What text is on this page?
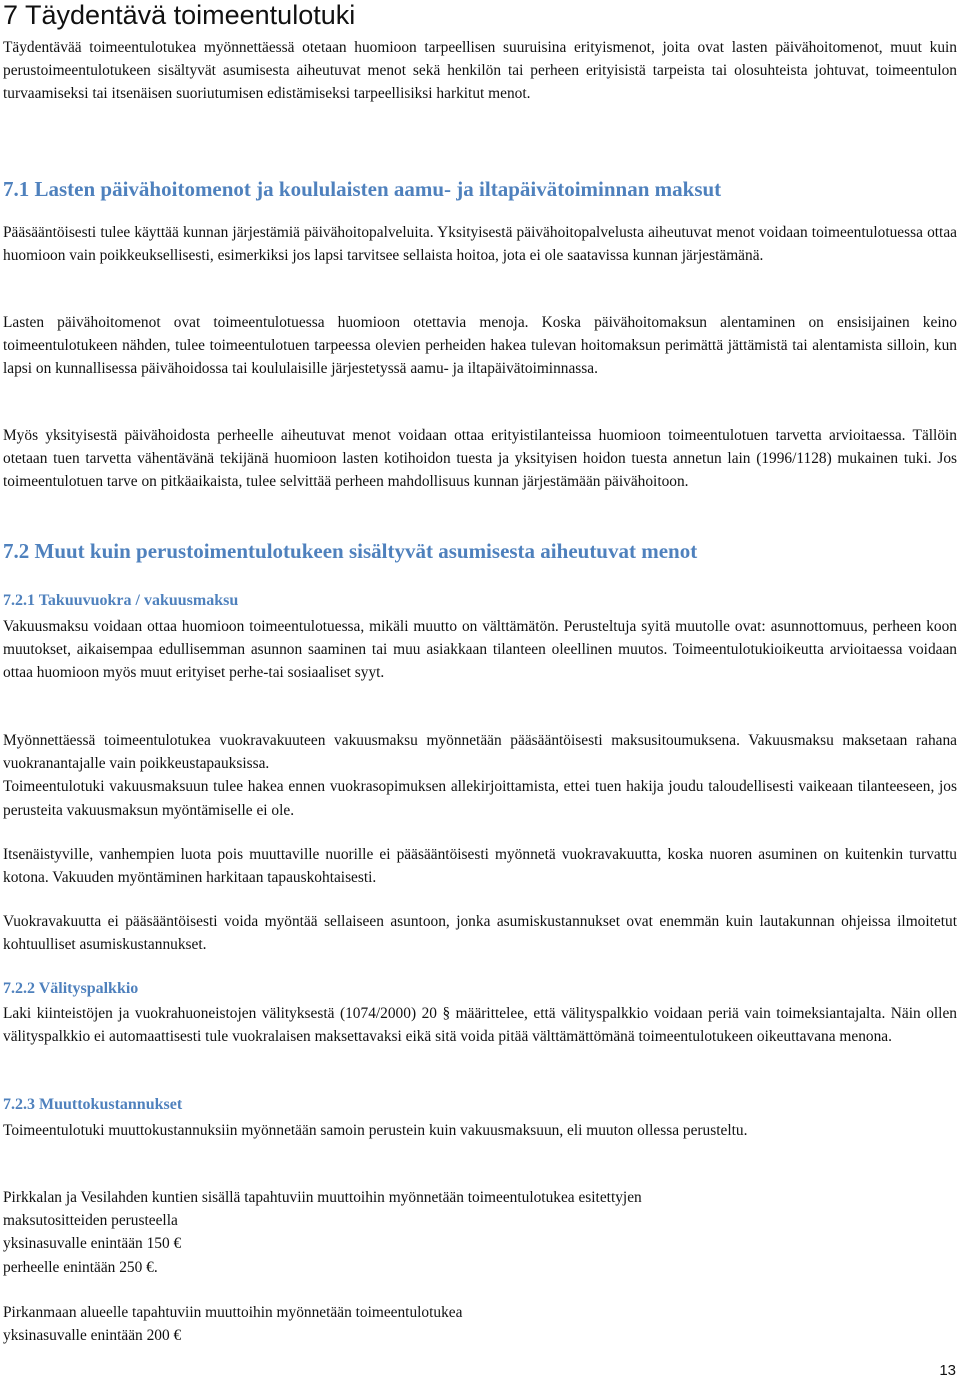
7 Täydentävä toimeentulotuki

Täydentävää toimeentulotukea myönnettäessä otetaan huomioon tarpeellisen suuruisina erityismenot, joita ovat lasten päivähoitomenot, muut kuin perustoimeentulotukeen sisältyvät asumisesta aiheutuvat menot sekä henkilön tai perheen erityisistä tarpeista tai olosuhteista johtuvat, toimeentulon turvaamiseksi tai itsenäisen suoriutumisen edistämiseksi tarpeellisiksi harkitut menot.

7.1 Lasten päivähoitomenot ja koululaisten aamu- ja iltapäivätoiminnan maksut

Pääsääntöisesti tulee käyttää kunnan järjestämiä päivähoitopalveluita. Yksityisestä päivähoitopalvelusta aiheutuvat menot voidaan toimeentulotuessa ottaa huomioon vain poikkeuksellisesti, esimerkiksi jos lapsi tarvitsee sellaista hoitoa, jota ei ole saatavissa kunnan järjestämänä.

Lasten päivähoitomenot ovat toimeentulotuessa huomioon otettavia menoja. Koska päivähoitomaksun alentaminen on ensisijainen keino toimeentulotukeen nähden, tulee toimeentulotuen tarpeessa olevien perheiden hakea tulevan hoitomaksun perimättä jättämistä tai alentamista silloin, kun lapsi on kunnallisessa päivähoidossa tai koululaisille järjestetyssä aamu- ja iltapäivätoiminnassa.

Myös yksityisestä päivähoidosta perheelle aiheutuvat menot voidaan ottaa erityistilanteissa huomioon toimeentulotuen tarvetta arvioitaessa. Tällöin otetaan tuen tarvetta vähentävänä tekijänä huomioon lasten kotihoidon tuesta ja yksityisen hoidon tuesta annetun lain (1996/1128) mukainen tuki. Jos toimeentulotuen tarve on pitkäaikaista, tulee selvittää perheen mahdollisuus kunnan järjestämään päivähoitoon.

7.2 Muut kuin perustoimentulotukeen sisältyvät asumisesta aiheutuvat menot
7.2.1 Takuuvuokra / vakuusmaksu

Vakuusmaksu voidaan ottaa huomioon toimeentulotuessa, mikäli muutto on välttämätön. Perusteltuja syitä muutolle ovat: asunnottomuus, perheen koon muutokset, aikaisempaa edullisemman asunnon saaminen tai muu asiakkaan tilanteen oleellinen muutos. Toimeentulotukioikeutta arvioitaessa voidaan ottaa huomioon myös muut erityiset perhe-tai sosiaaliset syyt.

Myönnettäessä toimeentulotukea vuokravakuuteen vakuusmaksu myönnetään pääsääntöisesti maksusitoumuksena. Vakuusmaksu maksetaan rahana vuokranantajalle vain poikkeustapauksissa.

Toimeentulotuki vakuusmaksuun tulee hakea ennen vuokrasopimuksen allekirjoittamista, ettei tuen hakija joudu taloudellisesti vaikeaan tilanteeseen, jos perusteita vakuusmaksun myöntämiselle ei ole.

Itsenäistyville, vanhempien luota pois muuttaville nuorille ei pääsääntöisesti myönnetä vuokravakuutta, koska nuoren asuminen on kuitenkin turvattu kotona. Vakuuden myöntäminen harkitaan tapauskohtaisesti.

Vuokravakuutta ei pääsääntöisesti voida myöntää sellaiseen asuntoon, jonka asumiskustannukset ovat enemmän kuin lautakunnan ohjeissa ilmoitetut kohtuulliset asumiskustannukset.

7.2.2 Välityspalkkio

Laki kiinteistöjen ja vuokrahuoneistojen välityksestä (1074/2000) 20 § määrittelee, että välityspalkkio voidaan periä vain toimeksiantajalta. Näin ollen välityspalkkio ei automaattisesti tule vuokralaisen maksettavaksi eikä sitä voida pitää välttämättömänä toimeentulotukeen oikeuttavana menona.

7.2.3 Muuttokustannukset

Toimeentulotuki muuttokustannuksiin myönnetään samoin perustein kuin vakuusmaksuun, eli muuton ollessa perusteltu.

Pirkkalan ja Vesilahden kuntien sisällä tapahtuviin muuttoihin myönnetään toimeentulotukea esitettyjen

maksutositteiden perusteella

yksinasuvalle enintään 150 €

perheelle enintään 250 €.

Pirkanmaan alueelle tapahtuviin muuttoihin myönnetään toimeentulotukea

yksinasuvalle enintään 200 €

13
